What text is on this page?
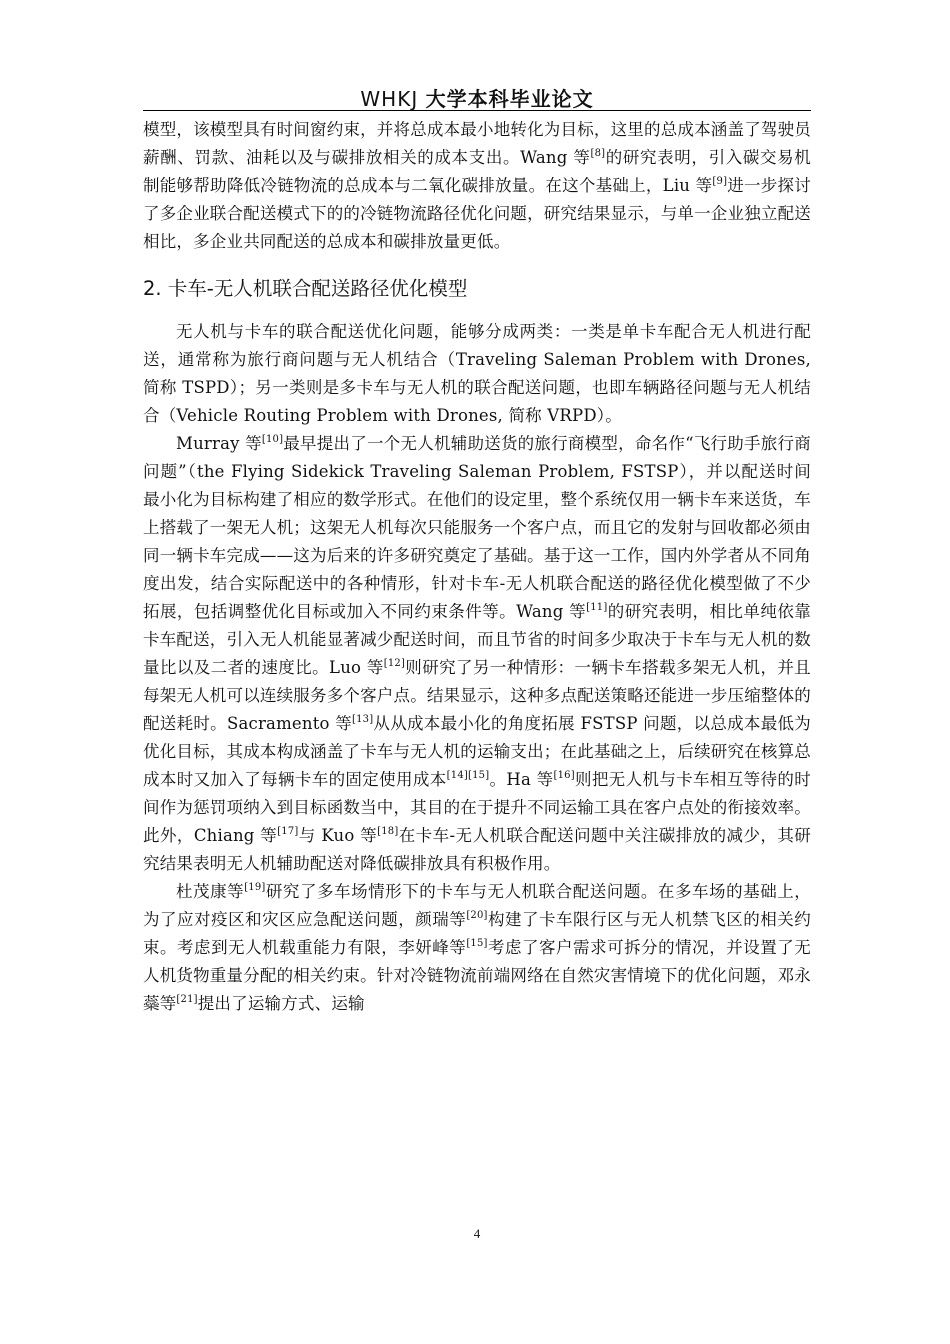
WHKJ 大学本科毕业论文

模型，该模型具有时间窗约束，并将总成本最小地转化为目标，这里的总成本涵盖了驾驶员薪酬、罚款、油耗以及与碳排放相关的成本支出。Wang 等[8]的研究表明，引入碳交易机制能够帮助降低冷链物流的总成本与二氧化碳排放量。在这个基础上，Liu 等[9]进一步探讨了多企业联合配送模式下的的冷链物流路径优化问题，研究结果显示，与单一企业独立配送相比，多企业共同配送的总成本和碳排放量更低。

2. 卡车-无人机联合配送路径优化模型

无人机与卡车的联合配送优化问题，能够分成两类：一类是单卡车配合无人机进行配送，通常称为旅行商问题与无人机结合（Traveling Saleman Problem with Drones, 简称 TSPD）；另一类则是多卡车与无人机的联合配送问题，也即车辆路径问题与无人机结合（Vehicle Routing Problem with Drones, 简称 VRPD）。

Murray 等[10]最早提出了一个无人机辅助送货的旅行商模型，命名作“飞行助手旅行商问题”（the Flying Sidekick Traveling Saleman Problem, FSTSP），并以配送时间最小化为目标构建了相应的数学形式。在他们的设定里，整个系统仅用一辆卡车来送货，车上搭载了一架无人机；这架无人机每次只能服务一个客户点，而且它的发射与回收都必须由同一辆卡车完成——这为后来的许多研究奠定了基础。基于这一工作，国内外学者从不同角度出发，结合实际配送中的各种情形，针对卡车-无人机联合配送的路径优化模型做了不少拓展，包括调整优化目标或加入不同约束条件等。Wang 等[11]的研究表明，相比单纯依靠卡车配送，引入无人机能显著减少配送时间，而且节省的时间多少取决于卡车与无人机的数量比以及二者的速度比。Luo 等[12]则研究了另一种情形：一辆卡车搭载多架无人机，并且每架无人机可以连续服务多个客户点。结果显示，这种多点配送策略还能进一步压缩整体的配送耗时。Sacramento 等[13]从从成本最小化的角度拓展 FSTSP 问题，以总成本最低为优化目标，其成本构成涵盖了卡车与无人机的运输支出；在此基础之上，后续研究在核算总成本时又加入了每辆卡车的固定使用成本[14][15]。Ha 等[16]则把无人机与卡车相互等待的时间作为惩罚项纳入到目标函数当中，其目的在于提升不同运输工具在客户点处的衔接效率。此外，Chiang 等[17]与 Kuo 等[18]在卡车-无人机联合配送问题中关注碳排放的减少，其研究结果表明无人机辅助配送对降低碳排放具有积极作用。

杜茂康等[19]研究了多车场情形下的卡车与无人机联合配送问题。在多车场的基础上，为了应对疫区和灾区应急配送问题，颜瑞等[20]构建了卡车限行区与无人机禁飞区的相关约束。考虑到无人机载重能力有限，李妍峰等[15]考虑了客户需求可拆分的情况，并设置了无人机货物重量分配的相关约束。针对冷链物流前端网络在自然灾害情境下的优化问题，邓永蘂等[21]提出了运输方式、运输

4
